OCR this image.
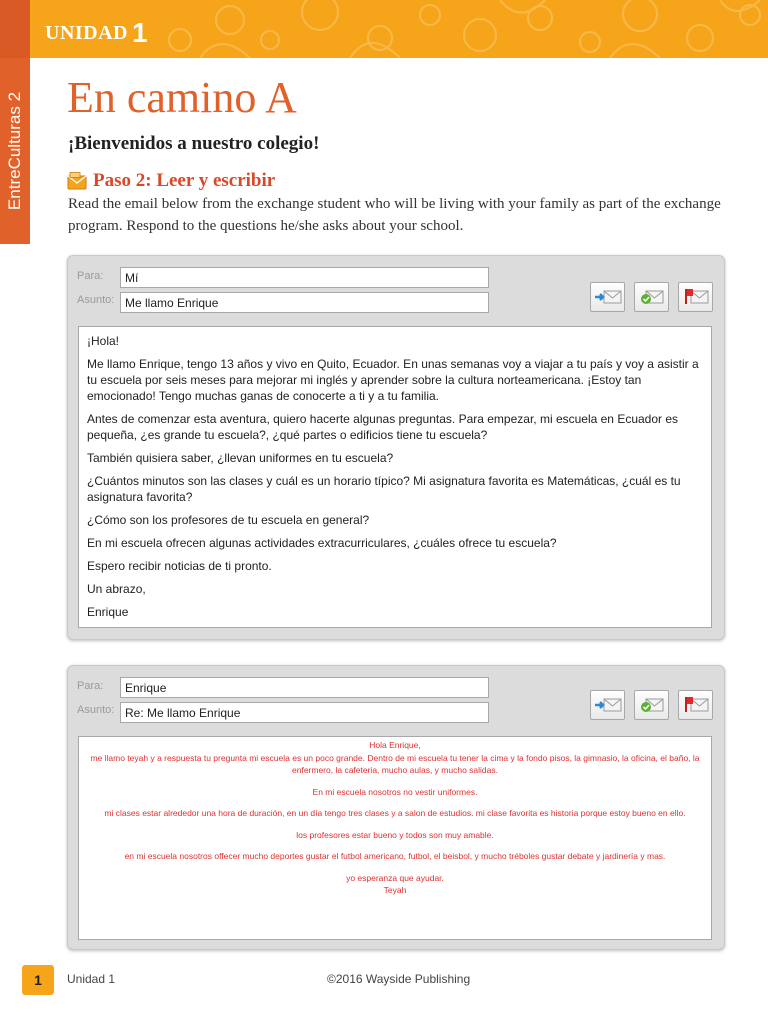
UNIDAD 1
EntreCulturas 2 En camino A
¡Bienvenidos a nuestro colegio!
Paso 2: Leer y escribir

Read the email below from the exchange student who will be living with your family as part of the exchange program. Respond to the questions he/she asks about your school.

Para:	Mí
Asunto: Me llamo Enrique

¡Hola!

Me llamo Enrique, tengo 13 años y vivo en Quito, Ecuador. En unas semanas voy a viajar a tu país y voy a asistir a tu escuela por seis meses para mejorar mi inglés y aprender sobre la cultura norteamericana. ¡Estoy tan emocionado! Tengo muchas ganas de conocerte a ti y a tu familia.

Antes de comenzar esta aventura, quiero hacerte algunas preguntas. Para empezar, mi escuela en Ecuador es pequeña, ¿es grande tu escuela?, ¿qué partes o edificios tiene tu escuela?

También quisiera saber, ¿llevan uniformes en tu escuela?

¿Cuántos minutos son las clases y cuál es un horario típico? Mi asignatura favorita es Matemáticas, ¿cuál es tu asignatura favorita?

¿Cómo son los profesores de tu escuela en general?

En mi escuela ofrecen algunas actividades extracurriculares, ¿cuáles ofrece tu escuela?

Espero recibir noticias de ti pronto.

Un abrazo,

Enrique

Para:	Enrique
Asunto: Re: Me llamo Enrique

Hola Enrique,

me llamo teyah y a respuesta tu pregunta mi escuela es un poco grande. Dentro de mi escuela tu tener la cima y la fondo pisos, la gimnasio, la oficina, el baño, la enfermero, la cafeteria, mucho aulas, y mucho salidas.

En mi escuela nosotros no vestir uniformes.

mi clases estar alrededor una hora de duración, en un día tengo tres clases y a salon de estudios. mi clase favorita es historia porque estoy bueno en ello.

los profesores estar bueno y todos son muy amable.

en mi escuela nosotros offecer mucho deportes gustar el futbol americano, futbol, el beisbol, y mucho tréboles gustar debate y jardinería y mas.

yo esperanza que ayudar.

Teyah

1	Unidad 1	©2016 Wayside Publishing
